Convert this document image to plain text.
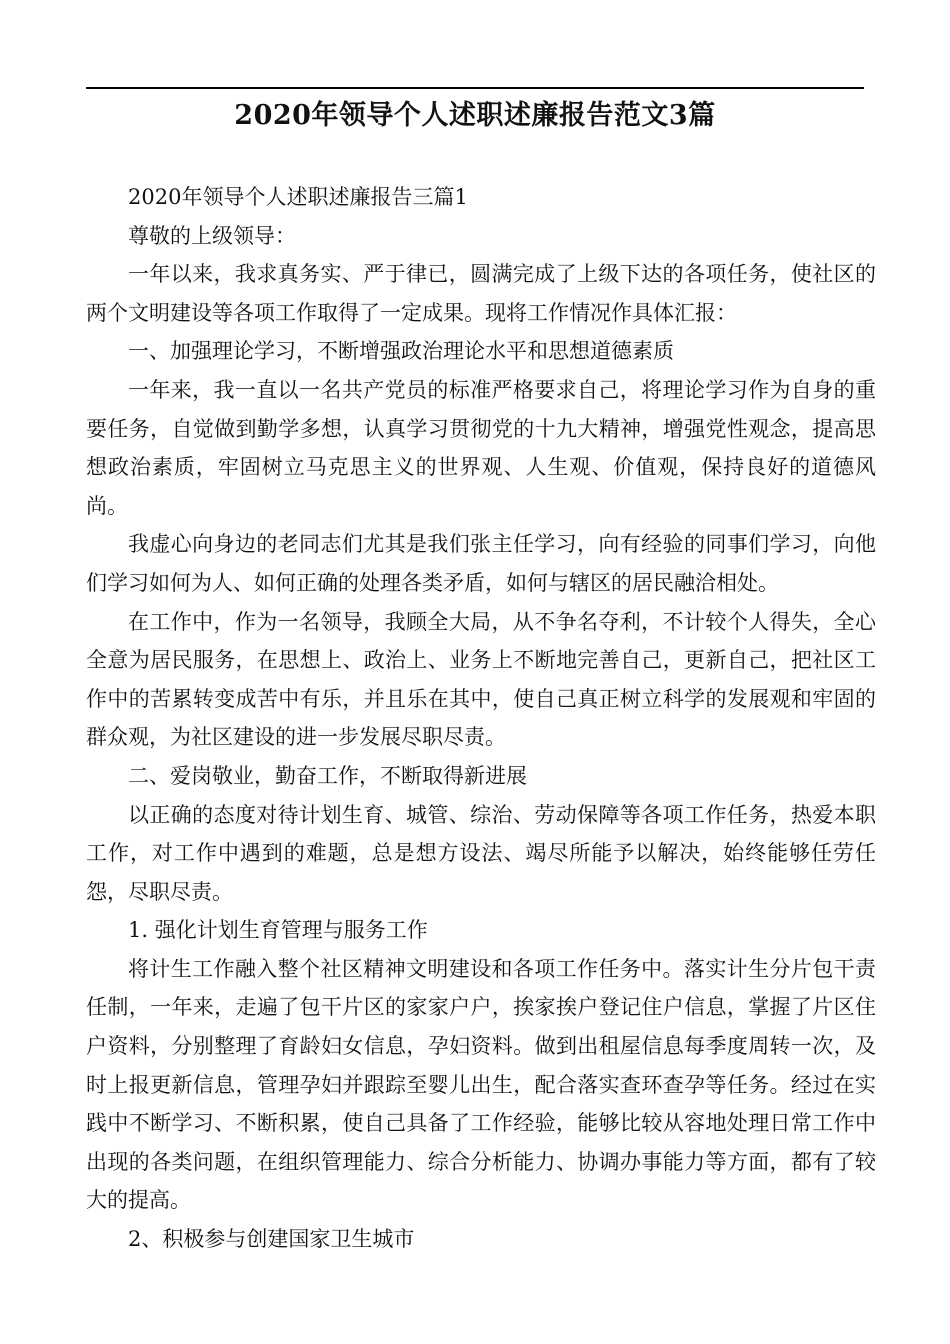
2020年领导个人述职述廉报告范文3篇

2020年领导个人述职述廉报告三篇1

尊敬的上级领导：

一年以来，我求真务实、严于律已，圆满完成了上级下达的各项任务，使社区的两个文明建设等各项工作取得了一定成果。现将工作情况作具体汇报：

一、加强理论学习，不断增强政治理论水平和思想道德素质

一年来，我一直以一名共产党员的标准严格要求自己，将理论学习作为自身的重要任务，自觉做到勤学多想，认真学习贯彻党的十九大精神，增强党性观念，提高思想政治素质，牢固树立马克思主义的世界观、人生观、价值观，保持良好的道德风尚。

我虚心向身边的老同志们尤其是我们张主任学习，向有经验的同事们学习，向他们学习如何为人、如何正确的处理各类矛盾，如何与辖区的居民融洽相处。

在工作中，作为一名领导，我顾全大局，从不争名夺利，不计较个人得失，全心全意为居民服务，在思想上、政治上、业务上不断地完善自己，更新自己，把社区工作中的苦累转变成苦中有乐，并且乐在其中，使自己真正树立科学的发展观和牢固的群众观，为社区建设的进一步发展尽职尽责。

二、爱岗敬业，勤奋工作，不断取得新进展

以正确的态度对待计划生育、城管、综治、劳动保障等各项工作任务，热爱本职工作，对工作中遇到的难题，总是想方设法、竭尽所能予以解决，始终能够任劳任怨，尽职尽责。

1. 强化计划生育管理与服务工作

将计生工作融入整个社区精神文明建设和各项工作任务中。落实计生分片包干责任制，一年来，走遍了包干片区的家家户户，挨家挨户登记住户信息，掌握了片区住户资料，分别整理了育龄妇女信息，孕妇资料。做到出租屋信息每季度周转一次，及时上报更新信息，管理孕妇并跟踪至婴儿出生，配合落实查环查孕等任务。经过在实践中不断学习、不断积累，使自己具备了工作经验，能够比较从容地处理日常工作中出现的各类问题，在组织管理能力、综合分析能力、协调办事能力等方面，都有了较大的提高。

2、积极参与创建国家卫生城市
